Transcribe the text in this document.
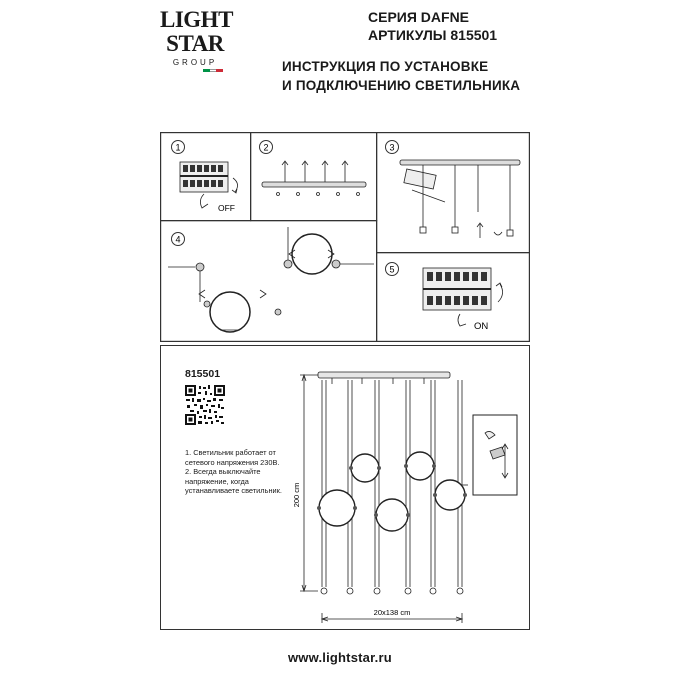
LIGHT
STAR
GROUP
СЕРИЯ DAFNE
АРТИКУЛЫ 815501
ИНСТРУКЦИЯ ПО УСТАНОВКЕ
И ПОДКЛЮЧЕНИЮ СВЕТИЛЬНИКА
1	2	3
4
5
OFF
ON
815501
1. Светильник работает от сетевого напряжения 230В.
2. Всегда выключайте напряжение, когда устанавливаете светильник.	200 cm
20x138 cm
www.lightstar.ru
